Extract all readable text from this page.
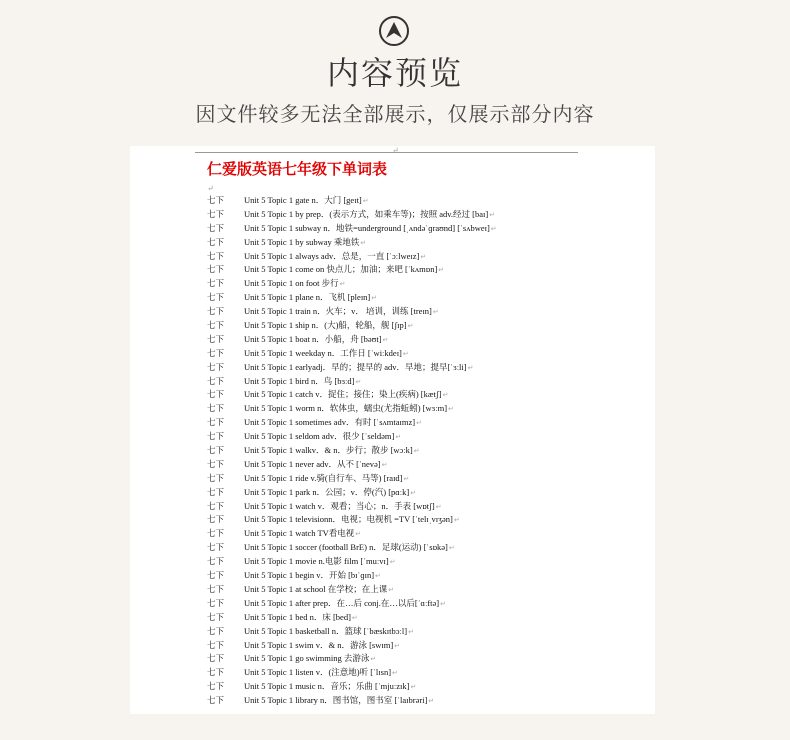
内容预览
因文件较多无法全部展示，仅展示部分内容
↵
仁爱版英语七年级下单词表
↵
七下 Unit 5 Topic 1 gate n．大门 [geɪt]↵
七下 Unit 5 Topic 1 by prep．(表示方式，如乘车等)；按照 adv.经过 [baɪ]↵
七下 Unit 5 Topic 1 subway n．地铁=underground [ˌʌndəˈɡraʊnd] [ˈsʌbweɪ]↵
七下 Unit 5 Topic 1 by subway 乘地铁↵
七下 Unit 5 Topic 1 always adv．总是，一直 [ˈɔːlweɪz]↵
七下 Unit 5 Topic 1 come on 快点儿；加油；来吧 [ˈkʌmɒn]↵
七下 Unit 5 Topic 1 on foot 步行↵
七下 Unit 5 Topic 1 plane n．飞机 [pleɪn]↵
七下 Unit 5 Topic 1 train n．火车；v． 培训，训练 [treɪn]↵
七下 Unit 5 Topic 1 ship n．(大)船，轮船，舰 [ʃɪp]↵
七下 Unit 5 Topic 1 boat n．小船，舟 [bəʊt]↵
七下 Unit 5 Topic 1 weekday n．工作日 [ˈwiːkdeɪ]↵
七下 Unit 5 Topic 1 earlyadj．早的；提早的 adv．早地；提早[ˈɜːli]↵
七下 Unit 5 Topic 1 bird n．鸟 [bɜːd]↵
七下 Unit 5 Topic 1 catch v．捉住；接住；染上(疾病) [kætʃ]↵
七下 Unit 5 Topic 1 worm n．软体虫，蠕虫(尤指蚯蚓) [wɜːm]↵
七下 Unit 5 Topic 1 sometimes adv．有时 [ˈsʌmtaɪmz]↵
七下 Unit 5 Topic 1 seldom adv．很少 [ˈseldəm]↵
七下 Unit 5 Topic 1 walkv．& n．步行；散步 [wɔːk]↵
七下 Unit 5 Topic 1 never adv．从不 [ˈnevə]↵
七下 Unit 5 Topic 1 ride v.骑(自行车、马等) [raɪd]↵
七下 Unit 5 Topic 1 park n．公园；v．停(汽) [pɑːk]↵
七下 Unit 5 Topic 1 watch v．观看；当心；n．手表 [wɒtʃ]↵
七下 Unit 5 Topic 1 televisionn．电视；电视机 =TV [ˈtelɪˌvɪʒən]↵
七下 Unit 5 Topic 1 watch TV看电视↵
七下 Unit 5 Topic 1 soccer (football BrE) n．足球(运动) [ˈsɒkə]↵
七下 Unit 5 Topic 1 movie n.电影 film [ˈmuːvɪ]↵
七下 Unit 5 Topic 1 begin v．开始 [bɪˈɡɪn]↵
七下 Unit 5 Topic 1 at school 在学校；在上课↵
七下 Unit 5 Topic 1 after prep．在…后 conj.在…以后[ˈɑːftə]↵
七下 Unit 5 Topic 1 bed n．床 [bed]↵
七下 Unit 5 Topic 1 basketball n．篮球 [ˈbæskɪtbɔːl]↵
七下 Unit 5 Topic 1 swim v．& n．游泳 [swɪm]↵
七下 Unit 5 Topic 1 go swimming 去游泳↵
七下 Unit 5 Topic 1 listen v．(注意地)听 [ˈlɪsn]↵
七下 Unit 5 Topic 1 music n．音乐；乐曲 [ˈmjuːzɪk]↵
七下 Unit 5 Topic 1 library n．图书馆，图书室 [ˈlaɪbrəri]↵
